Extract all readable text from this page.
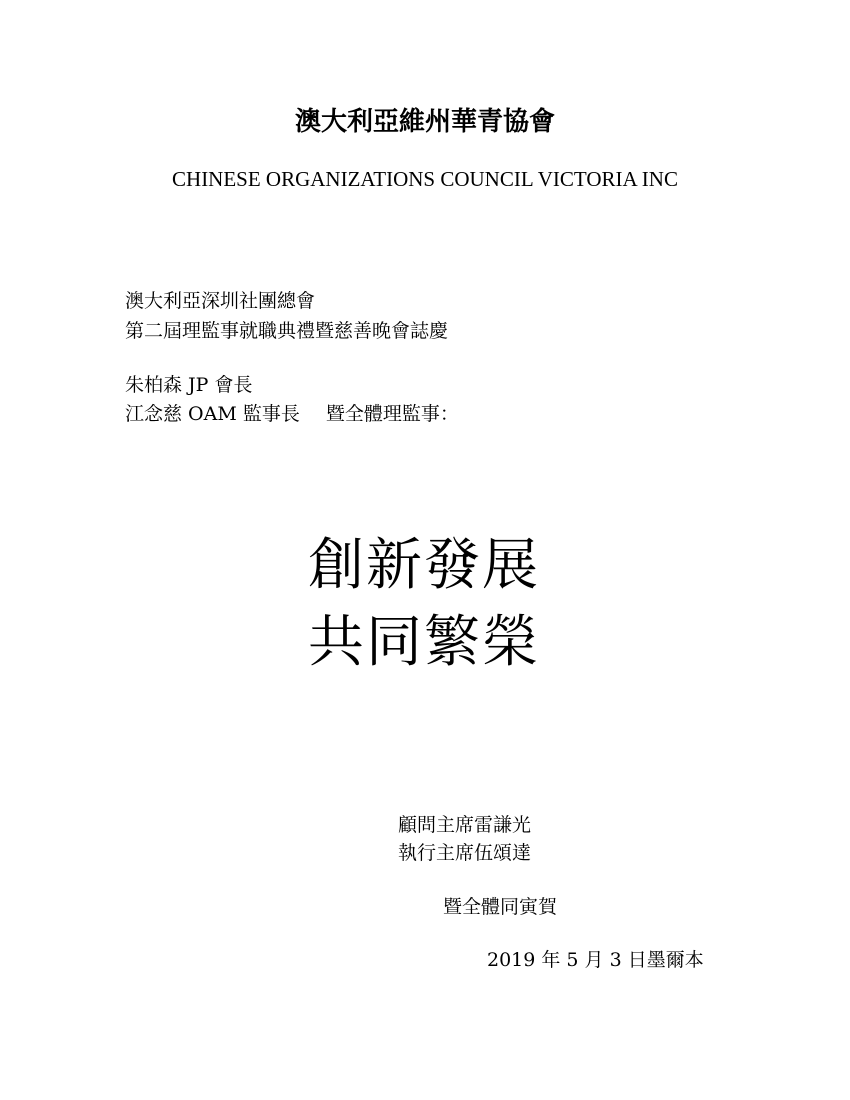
澳大利亞維州華青協會
CHINESE ORGANIZATIONS COUNCIL VICTORIA INC
澳大利亞深圳社團總會
第二屆理監事就職典禮暨慈善晚會誌慶
朱柏森 JP 會長
江念慈 OAM 監事長 暨全體理監事：
創新發展
共同繁榮
顧問主席雷謙光
執行主席伍頌達
暨全體同寅賀
2019 年 5 月 3 日墨爾本
